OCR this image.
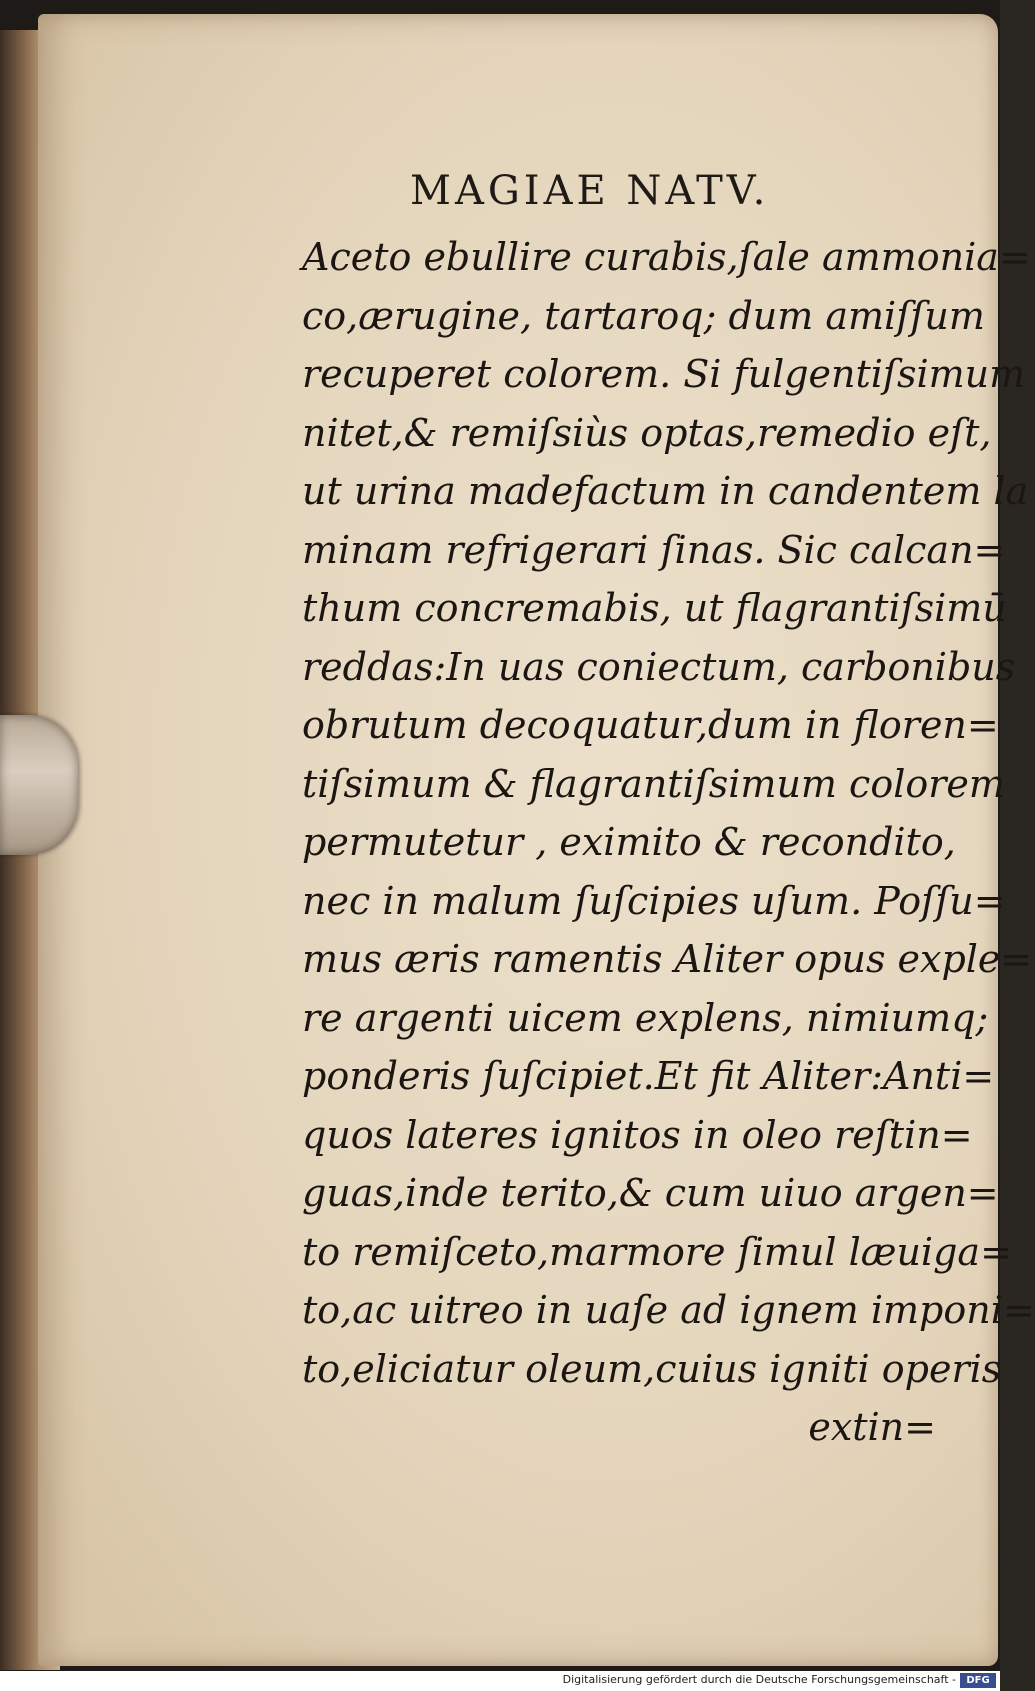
MAGIAE NATV.
Aceto ebullire curabis,ſale ammonia=
co,ærugine, tartaroq; dum amiſſum
recuperet colorem. Si fulgentiſsimum
nitet,& remiſsiùs optas,remedio eſt,
ut urina madefactum in candentem la
minam refrigerari ſinas. Sic calcan=
thum concremabis, ut flagrantiſsimū
reddas:In uas coniectum, carbonibus
obrutum decoquatur,dum in floren=
tiſsimum & flagrantiſsimum colorem
permutetur , eximito & recondito,
nec in malum ſuſcipies uſum. Poſſu=
mus æris ramentis Aliter opus exple=
re argenti uicem explens, nimiumq;
ponderis ſuſcipiet.Et fit Aliter:Anti=
quos lateres ignitos in oleo reſtin=
guas,inde terito,& cum uiuo argen=
to remiſceto,marmore ſimul læuiga=
to,ac uitreo in uaſe ad ignem imponi=
to,eliciatur oleum,cuius igniti operis
extin=
Digitalisierung gefördert durch die Deutsche Forschungsgemeinschaft -	DFG
